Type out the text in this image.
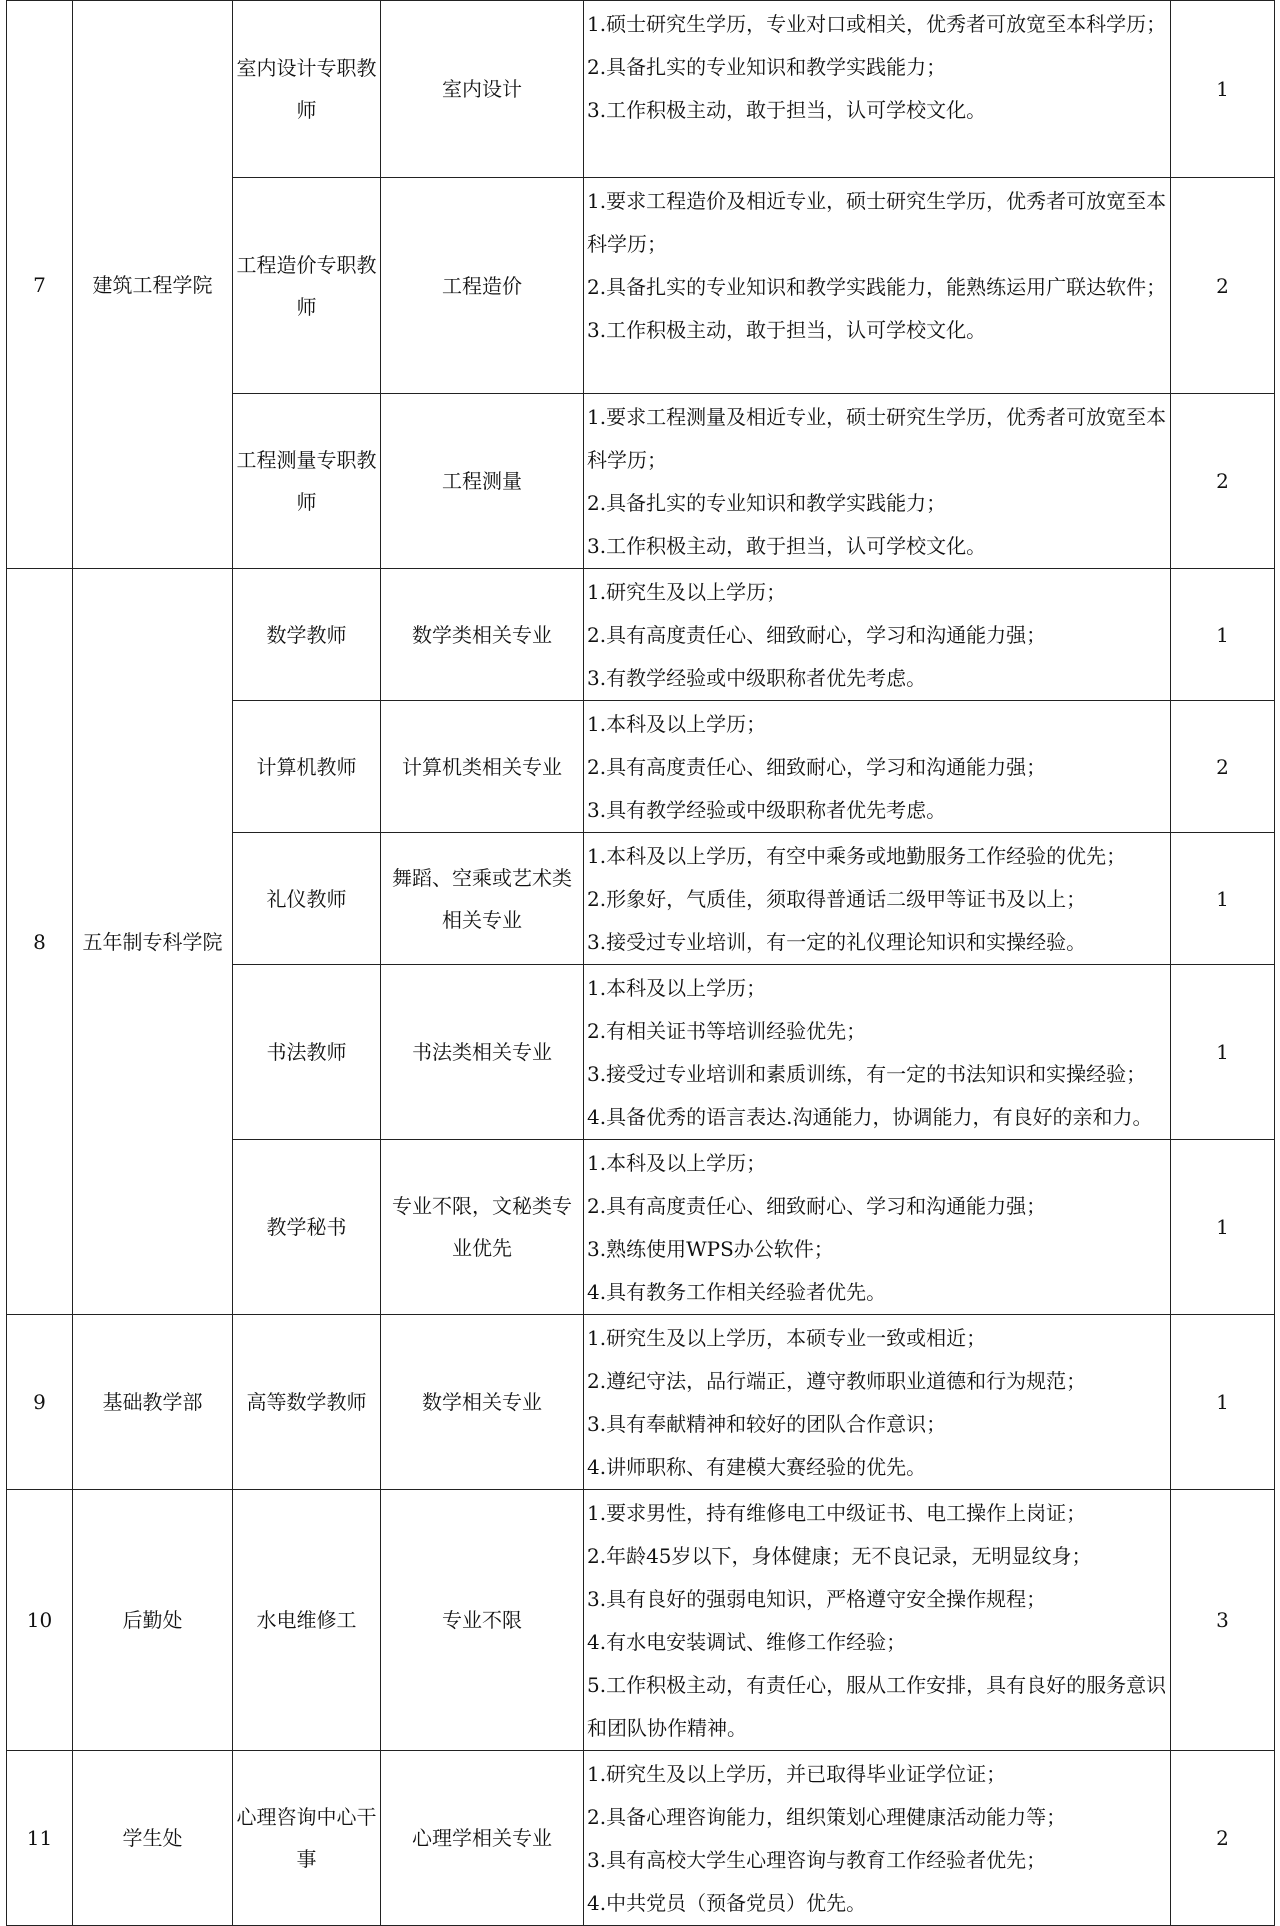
7	建筑工程学院	室内设计专职教师	室内设计	1.硕士研究生学历，专业对口或相关，优秀者可放宽至本科学历；
2.具备扎实的专业知识和教学实践能力；
3.工作积极主动，敢于担当，认可学校文化。	1

		工程造价专职教师	工程造价	1.要求工程造价及相近专业，硕士研究生学历，优秀者可放宽至本科学历；
2.具备扎实的专业知识和教学实践能力，能熟练运用广联达软件；
3.工作积极主动，敢于担当，认可学校文化。	2

		工程测量专职教师	工程测量	1.要求工程测量及相近专业，硕士研究生学历，优秀者可放宽至本科学历；
2.具备扎实的专业知识和教学实践能力；
3.工作积极主动，敢于担当，认可学校文化。	2
8	五年制专科学院	数学教师	数学类相关专业	1.研究生及以上学历；
2.具有高度责任心、细致耐心，学习和沟通能力强；
3.有教学经验或中级职称者优先考虑。	1

		计算机教师	计算机类相关专业	1.本科及以上学历；
2.具有高度责任心、细致耐心，学习和沟通能力强；
3.具有教学经验或中级职称者优先考虑。	2

		礼仪教师	舞蹈、空乘或艺术类相关专业	1.本科及以上学历，有空中乘务或地勤服务工作经验的优先；
2.形象好，气质佳，须取得普通话二级甲等证书及以上；
3.接受过专业培训，有一定的礼仪理论知识和实操经验。	1

		书法教师	书法类相关专业	1.本科及以上学历；
2.有相关证书等培训经验优先；
3.接受过专业培训和素质训练，有一定的书法知识和实操经验；
4.具备优秀的语言表达.沟通能力，协调能力，有良好的亲和力。	1

		教学秘书	专业不限，文秘类专业优先	1.本科及以上学历；
2.具有高度责任心、细致耐心、学习和沟通能力强；
3.熟练使用WPS办公软件；
4.具有教务工作相关经验者优先。	1
9	基础教学部	高等数学教师	数学相关专业	1.研究生及以上学历，本硕专业一致或相近；
2.遵纪守法，品行端正，遵守教师职业道德和行为规范；
3.具有奉献精神和较好的团队合作意识；
4.讲师职称、有建模大赛经验的优先。	1
10	后勤处	水电维修工	专业不限	1.要求男性，持有维修电工中级证书、电工操作上岗证；
2.年龄45岁以下，身体健康；无不良记录，无明显纹身；
3.具有良好的强弱电知识，严格遵守安全操作规程；
4.有水电安装调试、维修工作经验；
5.工作积极主动，有责任心，服从工作安排，具有良好的服务意识和团队协作精神。	3
11	学生处	心理咨询中心干事	心理学相关专业	1.研究生及以上学历，并已取得毕业证学位证；
2.具备心理咨询能力，组织策划心理健康活动能力等；
3.具有高校大学生心理咨询与教育工作经验者优先；
4.中共党员（预备党员）优先。	2
